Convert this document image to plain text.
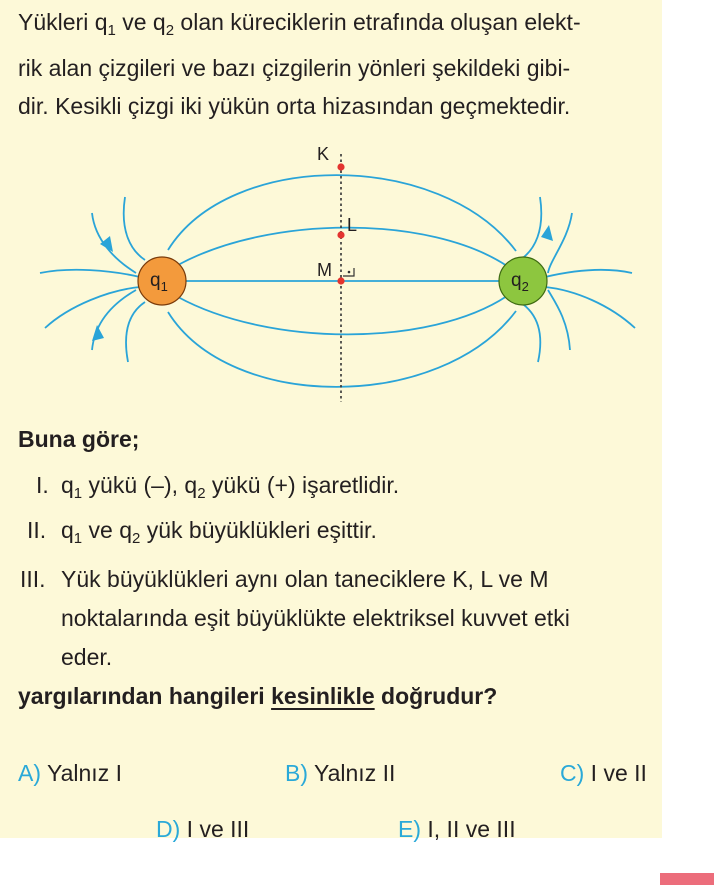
Yükleri $q_1$ ve $q_2$ olan küreciklerin etrafında oluşan elekt-
rik alan çizgileri ve bazı çizgilerin yönleri şekildeki gibi-
dir. Kesikli çizgi iki yükün orta hizasından geçmektedir.
K
L
M
$q_1$	$q_2$
Buna göre;
I. $q_1$ yükü (–), $q_2$ yükü (+) işaretlidir.
II. $q_1$ ve $q_2$ yük büyüklükleri eşittir.
III. Yük büyüklükleri aynı olan taneciklere K, L ve M
noktalarında eşit büyüklükte elektriksel kuvvet etki
eder.
yargılarından hangileri kesinlikle doğrudur?
A) Yalnız I	B) Yalnız II	C) I ve II
D) I ve III	E) I, II ve III
